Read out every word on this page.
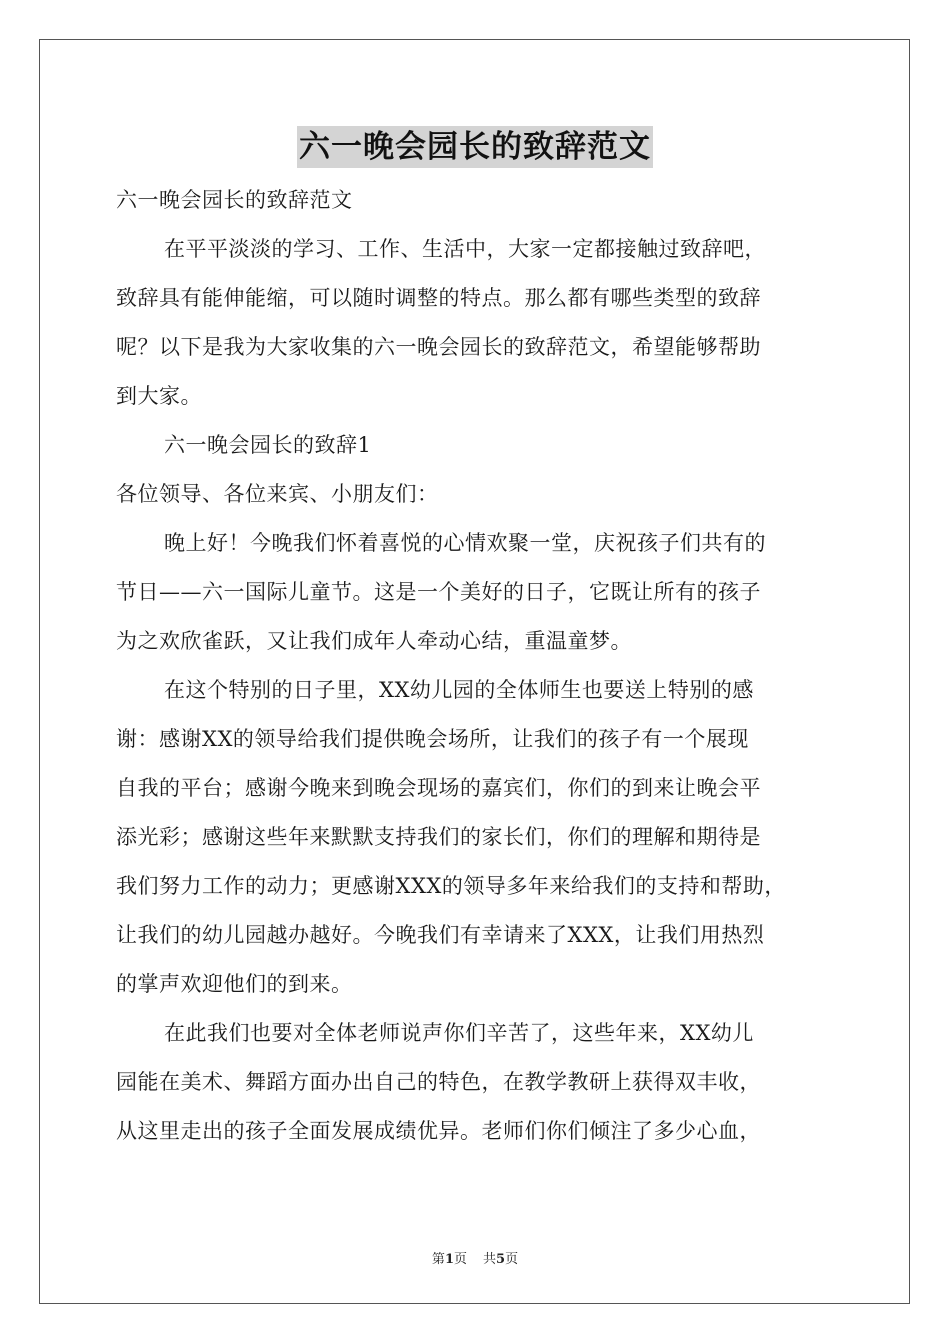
六一晚会园长的致辞范文
六一晚会园长的致辞范文
在平平淡淡的学习、工作、生活中，大家一定都接触过致辞吧，
致辞具有能伸能缩，可以随时调整的特点。那么都有哪些类型的致辞
呢？以下是我为大家收集的六一晚会园长的致辞范文，希望能够帮助
到大家。
六一晚会园长的致辞1
各位领导、各位来宾、小朋友们：
晚上好！今晚我们怀着喜悦的心情欢聚一堂，庆祝孩子们共有的
节日——六一国际儿童节。这是一个美好的日子，它既让所有的孩子
为之欢欣雀跃，又让我们成年人牵动心结，重温童梦。
在这个特别的日子里，XX幼儿园的全体师生也要送上特别的感
谢：感谢XX的领导给我们提供晚会场所，让我们的孩子有一个展现
自我的平台；感谢今晚来到晚会现场的嘉宾们，你们的到来让晚会平
添光彩；感谢这些年来默默支持我们的家长们，你们的理解和期待是
我们努力工作的动力；更感谢XXX的领导多年来给我们的支持和帮助，
让我们的幼儿园越办越好。今晚我们有幸请来了XXX，让我们用热烈
的掌声欢迎他们的到来。
在此我们也要对全体老师说声你们辛苦了，这些年来，XX幼儿
园能在美术、舞蹈方面办出自己的特色，在教学教研上获得双丰收，
从这里走出的孩子全面发展成绩优异。老师们你们倾注了多少心血，
第1页 共5页
